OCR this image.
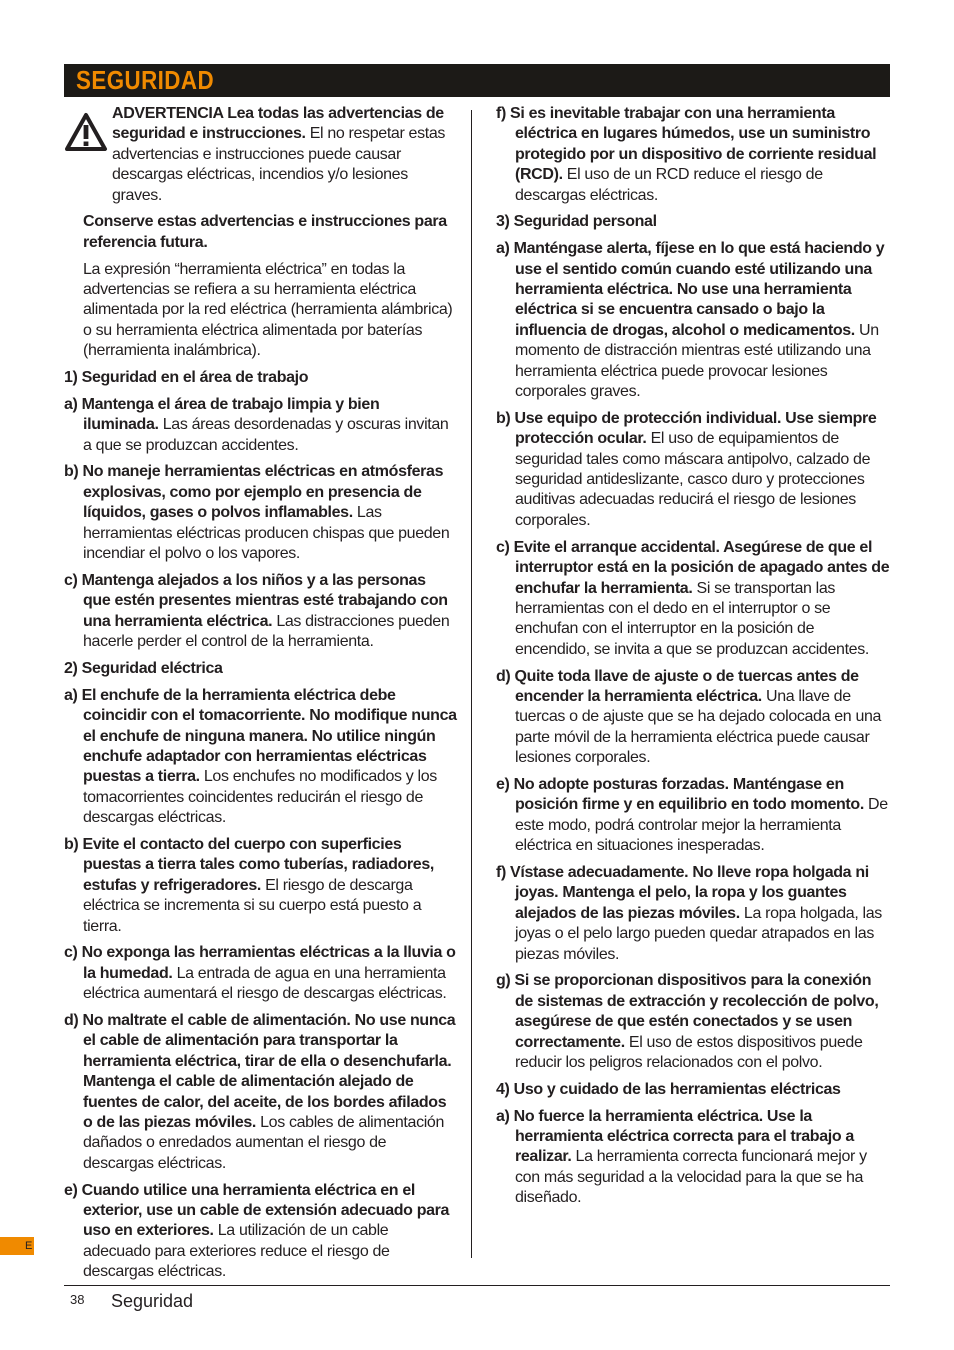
SEGURIDAD

ADVERTENCIA Lea todas las advertencias de seguridad e instrucciones. El no respetar estas advertencias e instrucciones puede causar descargas eléctricas, incendios y/o lesiones graves.

Conserve estas advertencias e instrucciones para referencia futura.

La expresión “herramienta eléctrica” en todas la advertencias se refiera a su herramienta eléctrica alimentada por la red eléctrica (herramienta alámbrica) o su herramienta eléctrica alimentada por baterías (herramienta inalámbrica).

1) Seguridad en el área de trabajo

a) Mantenga el área de trabajo limpia y bien iluminada. Las áreas desordenadas y oscuras invitan a que se produzcan accidentes.

b) No maneje herramientas eléctricas en atmósferas explosivas, como por ejemplo en presencia de líquidos, gases o polvos inflamables. Las herramientas eléctricas producen chispas que pueden incendiar el polvo o los vapores.

c) Mantenga alejados a los niños y a las personas que estén presentes mientras esté trabajando con una herramienta eléctrica. Las distracciones pueden hacerle perder el control de la herramienta.

2) Seguridad eléctrica

a) El enchufe de la herramienta eléctrica debe coincidir con el tomacorriente. No modifique nunca el enchufe de ninguna manera. No utilice ningún enchufe adaptador con herramientas eléctricas puestas a tierra. Los enchufes no modificados y los tomacorrientes coincidentes reducirán el riesgo de descargas eléctricas.

b) Evite el contacto del cuerpo con superficies puestas a tierra tales como tuberías, radiadores, estufas y refrigeradores. El riesgo de descarga eléctrica se incrementa si su cuerpo está puesto a tierra.

c) No exponga las herramientas eléctricas a la lluvia o la humedad. La entrada de agua en una herramienta eléctrica aumentará el riesgo de descargas eléctricas.

d) No maltrate el cable de alimentación. No use nunca el cable de alimentación para transportar la herramienta eléctrica, tirar de ella o desenchufarla. Mantenga el cable de alimentación alejado de fuentes de calor, del aceite, de los bordes afilados o de las piezas móviles. Los cables de alimentación dañados o enredados aumentan el riesgo de descargas eléctricas.

e) Cuando utilice una herramienta eléctrica en el exterior, use un cable de extensión adecuado para uso en exteriores. La utilización de un cable adecuado para exteriores reduce el riesgo de descargas eléctricas.

f) Si es inevitable trabajar con una herramienta eléctrica en lugares húmedos, use un suministro protegido por un dispositivo de corriente residual (RCD). El uso de un RCD reduce el riesgo de descargas eléctricas.

3) Seguridad personal

a) Manténgase alerta, fíjese en lo que está haciendo y use el sentido común cuando esté utilizando una herramienta eléctrica. No use una herramienta eléctrica si se encuentra cansado o bajo la influencia de drogas, alcohol o medicamentos. Un momento de distracción mientras esté utilizando una herramienta eléctrica puede provocar lesiones corporales graves.

b) Use equipo de protección individual. Use siempre protección ocular. El uso de equipamientos de seguridad tales como máscara antipolvo, calzado de seguridad antideslizante, casco duro y protecciones auditivas adecuadas reducirá el riesgo de lesiones corporales.

c) Evite el arranque accidental. Asegúrese de que el interruptor está en la posición de apagado antes de enchufar la herramienta. Si se transportan las herramientas con el dedo en el interruptor o se enchufan con el interruptor en la posición de encendido, se invita a que se produzcan accidentes.

d) Quite toda llave de ajuste o de tuercas antes de encender la herramienta eléctrica. Una llave de tuercas o de ajuste que se ha dejado colocada en una parte móvil de la herramienta eléctrica puede causar lesiones corporales.

e) No adopte posturas forzadas. Manténgase en posición firme y en equilibrio en todo momento. De este modo, podrá controlar mejor la herramienta eléctrica en situaciones inesperadas.

f) Vístase adecuadamente. No lleve ropa holgada ni joyas. Mantenga el pelo, la ropa y los guantes alejados de las piezas móviles. La ropa holgada, las joyas o el pelo largo pueden quedar atrapados en las piezas móviles.

g) Si se proporcionan dispositivos para la conexión de sistemas de extracción y recolección de polvo, asegúrese de que estén conectados y se usen correctamente. El uso de estos dispositivos puede reducir los peligros relacionados con el polvo.

4) Uso y cuidado de las herramientas eléctricas

a) No fuerce la herramienta eléctrica. Use la herramienta eléctrica correcta para el trabajo a realizar. La herramienta correcta funcionará mejor y con más seguridad a la velocidad para la que se ha diseñado.

E
38 Seguridad
